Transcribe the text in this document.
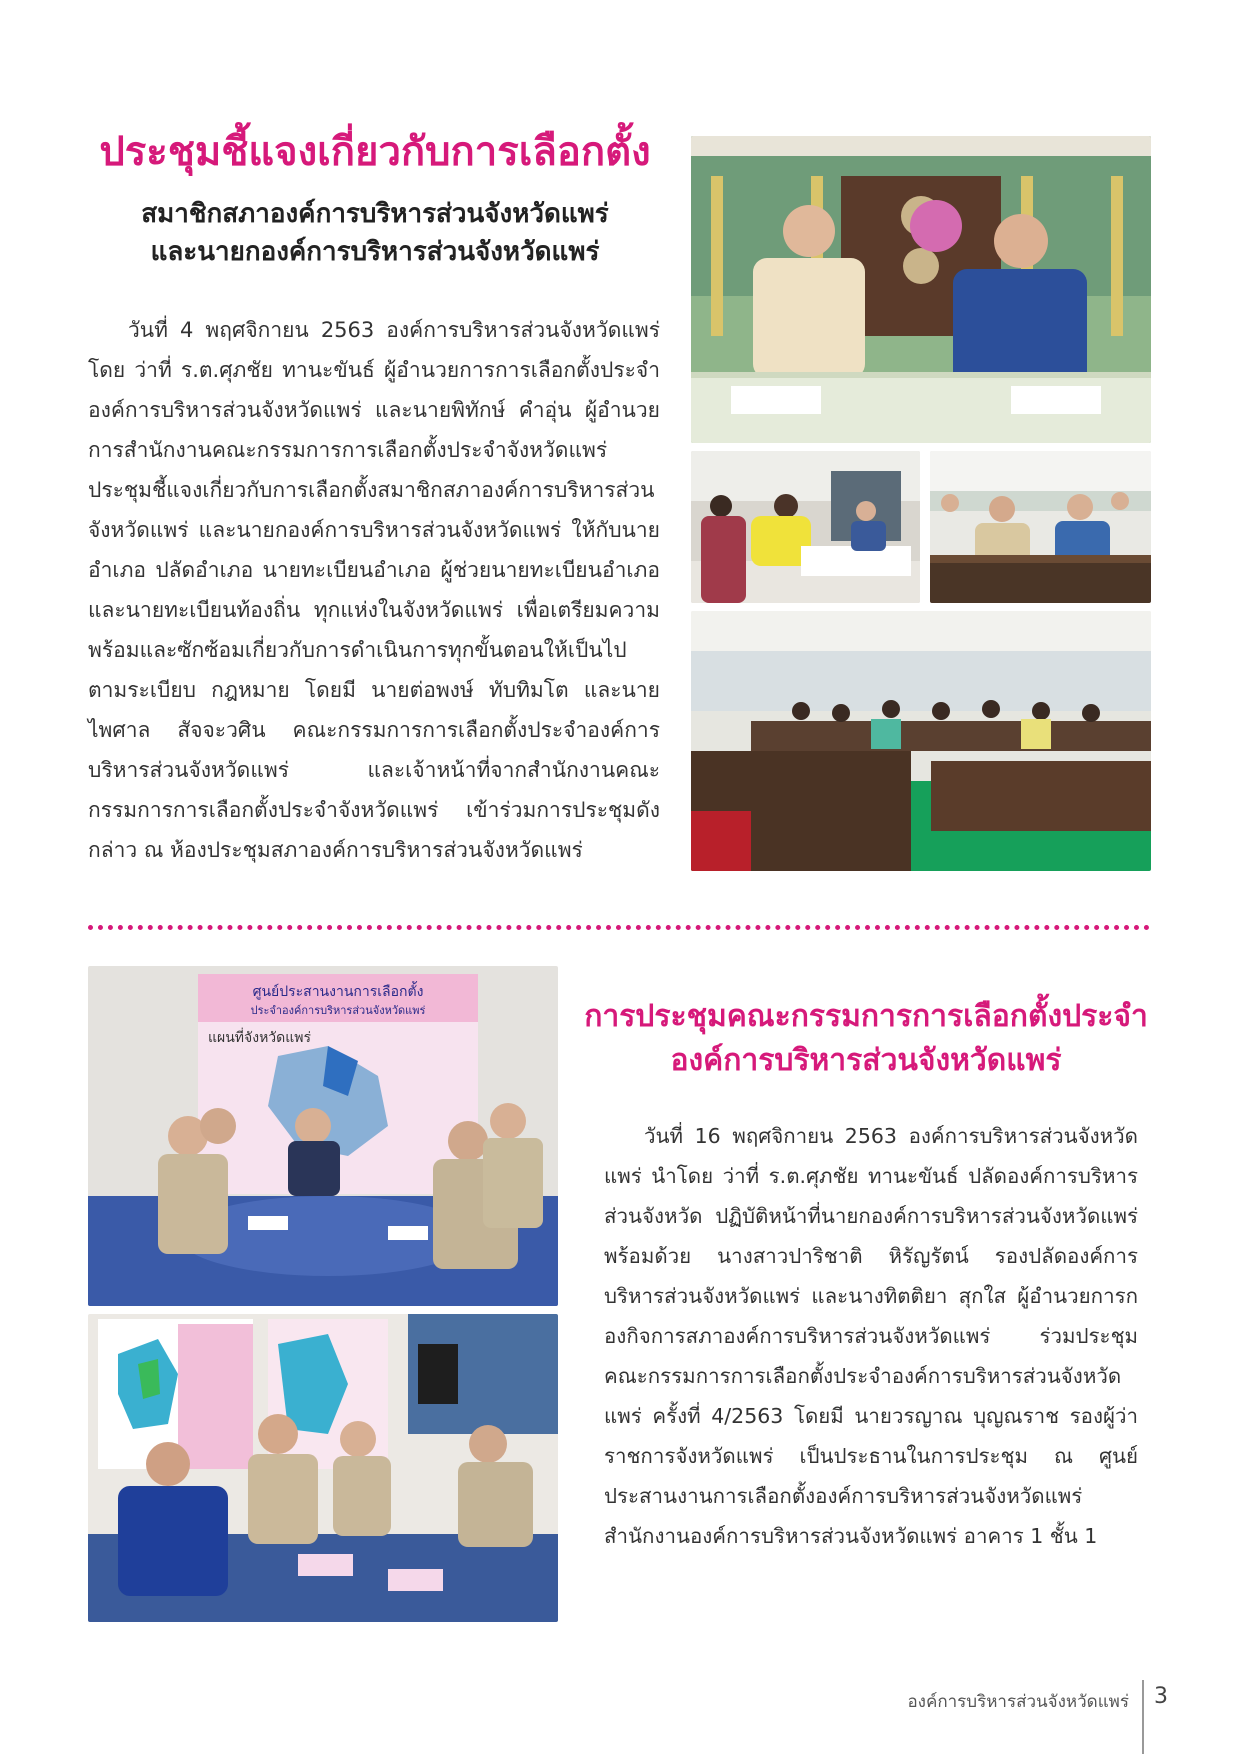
ประชุมชี้แจงเกี่ยวกับการเลือกตั้ง
สมาชิกสภาองค์การบริหารส่วนจังหวัดแพร่
และนายกองค์การบริหารส่วนจังหวัดแพร่

วันที่ 4 พฤศจิกายน 2563 องค์การบริหารส่วนจังหวัดแพร่ โดย ว่าที่ ร.ต.ศุภชัย ทานะขันธ์ ผู้อำนวยการการเลือกตั้งประจำองค์การบริหารส่วนจังหวัดแพร่ และนายพิทักษ์ คำอุ่น ผู้อำนวยการสำนักงานคณะกรรมการการเลือกตั้งประจำจังหวัดแพร่ ประชุมชี้แจงเกี่ยวกับการเลือกตั้งสมาชิกสภาองค์การบริหารส่วนจังหวัดแพร่ และนายกองค์การบริหารส่วนจังหวัดแพร่ ให้กับนายอำเภอ ปลัดอำเภอ นายทะเบียนอำเภอ ผู้ช่วยนายทะเบียนอำเภอ และนายทะเบียนท้องถิ่น ทุกแห่งในจังหวัดแพร่ เพื่อเตรียมความพร้อมและซักซ้อมเกี่ยวกับการดำเนินการทุกขั้นตอนให้เป็นไปตามระเบียบ กฎหมาย โดยมี นายต่อพงษ์ ทับทิมโต และนายไพศาล สัจจะวศิน คณะกรรมการการเลือกตั้งประจำองค์การบริหารส่วนจังหวัดแพร่ และเจ้าหน้าที่จากสำนักงานคณะกรรมการการเลือกตั้งประจำจังหวัดแพร่ เข้าร่วมการประชุมดังกล่าว ณ ห้องประชุมสภาองค์การบริหารส่วนจังหวัดแพร่

ศูนย์ประสานงานการเลือกตั้ง
ประจำองค์การบริหารส่วนจังหวัดแพร่
แผนที่จังหวัดแพร่
การประชุมคณะกรรมการการเลือกตั้งประจำ
องค์การบริหารส่วนจังหวัดแพร่

วันที่ 16 พฤศจิกายน 2563 องค์การบริหารส่วนจังหวัดแพร่ นำโดย ว่าที่ ร.ต.ศุภชัย ทานะขันธ์ ปลัดองค์การบริหารส่วนจังหวัด ปฏิบัติหน้าที่นายกองค์การบริหารส่วนจังหวัดแพร่ พร้อมด้วย นางสาวปาริชาติ หิรัญรัตน์ รองปลัดองค์การบริหารส่วนจังหวัดแพร่ และนางทิตติยา สุกใส ผู้อำนวยการกองกิจการสภาองค์การบริหารส่วนจังหวัดแพร่ ร่วมประชุมคณะกรรมการการเลือกตั้งประจำองค์การบริหารส่วนจังหวัดแพร่ ครั้งที่ 4/2563 โดยมี นายวรญาณ บุญณราช รองผู้ว่าราชการจังหวัดแพร่ เป็นประธานในการประชุม ณ ศูนย์ประสานงานการเลือกตั้งองค์การบริหารส่วนจังหวัดแพร่ สำนักงานองค์การบริหารส่วนจังหวัดแพร่ อาคาร 1 ชั้น 1

องค์การบริหารส่วนจังหวัดแพร่ 3
